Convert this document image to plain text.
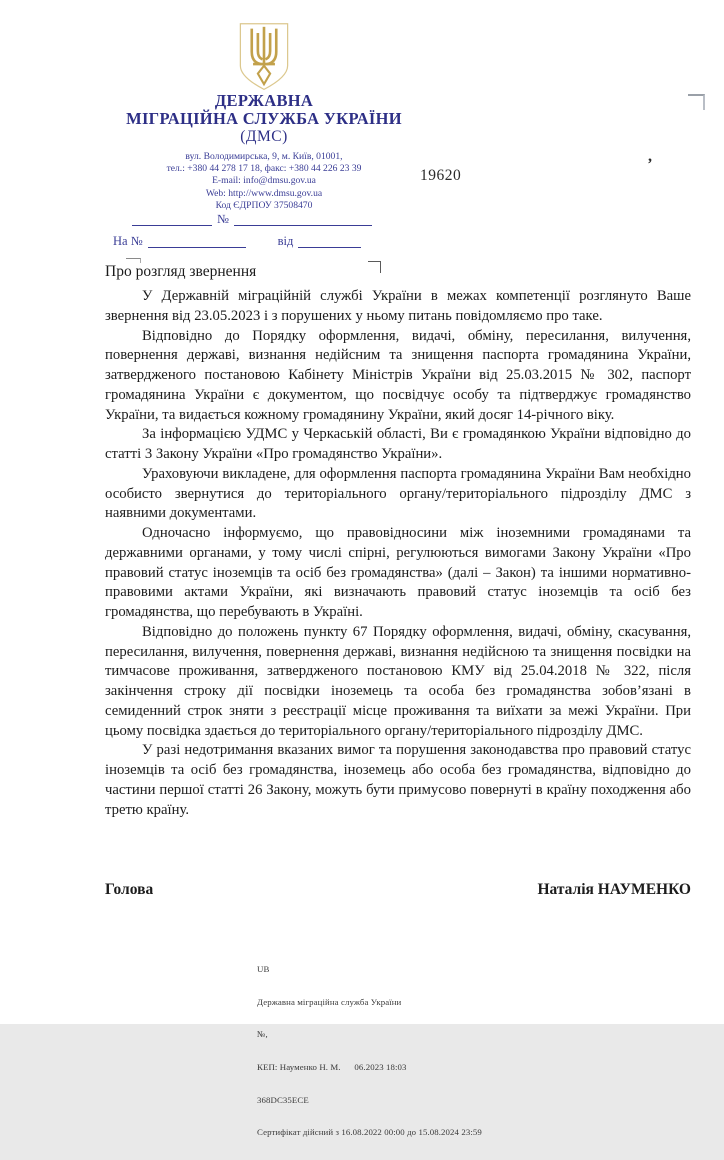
ДЕРЖАВНА
МІГРАЦІЙНА СЛУЖБА УКРАЇНИ
(ДМС)
вул. Володимирська, 9, м. Київ, 01001,
тел.: +380 44 278 17 18, факс: +380 44 226 23 39
E-mail: info@dmsu.gov.ua
Web: http://www.dmsu.gov.ua
Код ЄДРПОУ 37508470
19620
,
№
На №	від
Про розгляд звернення

У Державній міграційній службі України в межах компетенції розглянуто Ваше звернення від 23.05.2023 і з порушених у ньому питань повідомляємо про таке.

Відповідно до Порядку оформлення, видачі, обміну, пересилання, вилучення, повернення державі, визнання недійсним та знищення паспорта громадянина України, затвердженого постановою Кабінету Міністрів України від 25.03.2015 № 302, паспорт громадянина України є документом, що посвідчує особу та підтверджує громадянство України, та видається кожному громадянину України, який досяг 14-річного віку.

За інформацією УДМС у Черкаській області, Ви є громадянкою України відповідно до статті 3 Закону України «Про громадянство України».

Ураховуючи викладене, для оформлення паспорта громадянина України Вам необхідно особисто звернутися до територіального органу/територіального підрозділу ДМС з наявними документами.

Одночасно інформуємо, що правовідносини між іноземними громадянами та державними органами, у тому числі спірні, регулюються вимогами Закону України «Про правовий статус іноземців та осіб без громадянства» (далі – Закон) та іншими нормативно-правовими актами України, які визначають правовий статус іноземців та осіб без громадянства, що перебувають в Україні.

Відповідно до положень пункту 67 Порядку оформлення, видачі, обміну, скасування, пересилання, вилучення, повернення державі, визнання недійсною та знищення посвідки на тимчасове проживання, затвердженого постановою КМУ від 25.04.2018 № 322, після закінчення строку дії посвідки іноземець та особа без громадянства зобов’язані в семиденний строк зняти з реєстрації місце проживання та виїхати за межі України. При цьому посвідка здається до територіального органу/територіального підрозділу ДМС.

У разі недотримання вказаних вимог та порушення законодавства про правовий статус іноземців та осіб без громадянства, іноземець або особа без громадянства, відповідно до частини першої статті 26 Закону, можуть бути примусово повернуті в країну походження або третю країну.

Голова	Наталія НАУМЕНКО

UB

Державна міграційна служба України

№,

КЕП: Науменко Н. М.      06.2023 18:03

368DC35ECE

Сертифікат дійсний з 16.08.2022 00:00 до 15.08.2024 23:59
